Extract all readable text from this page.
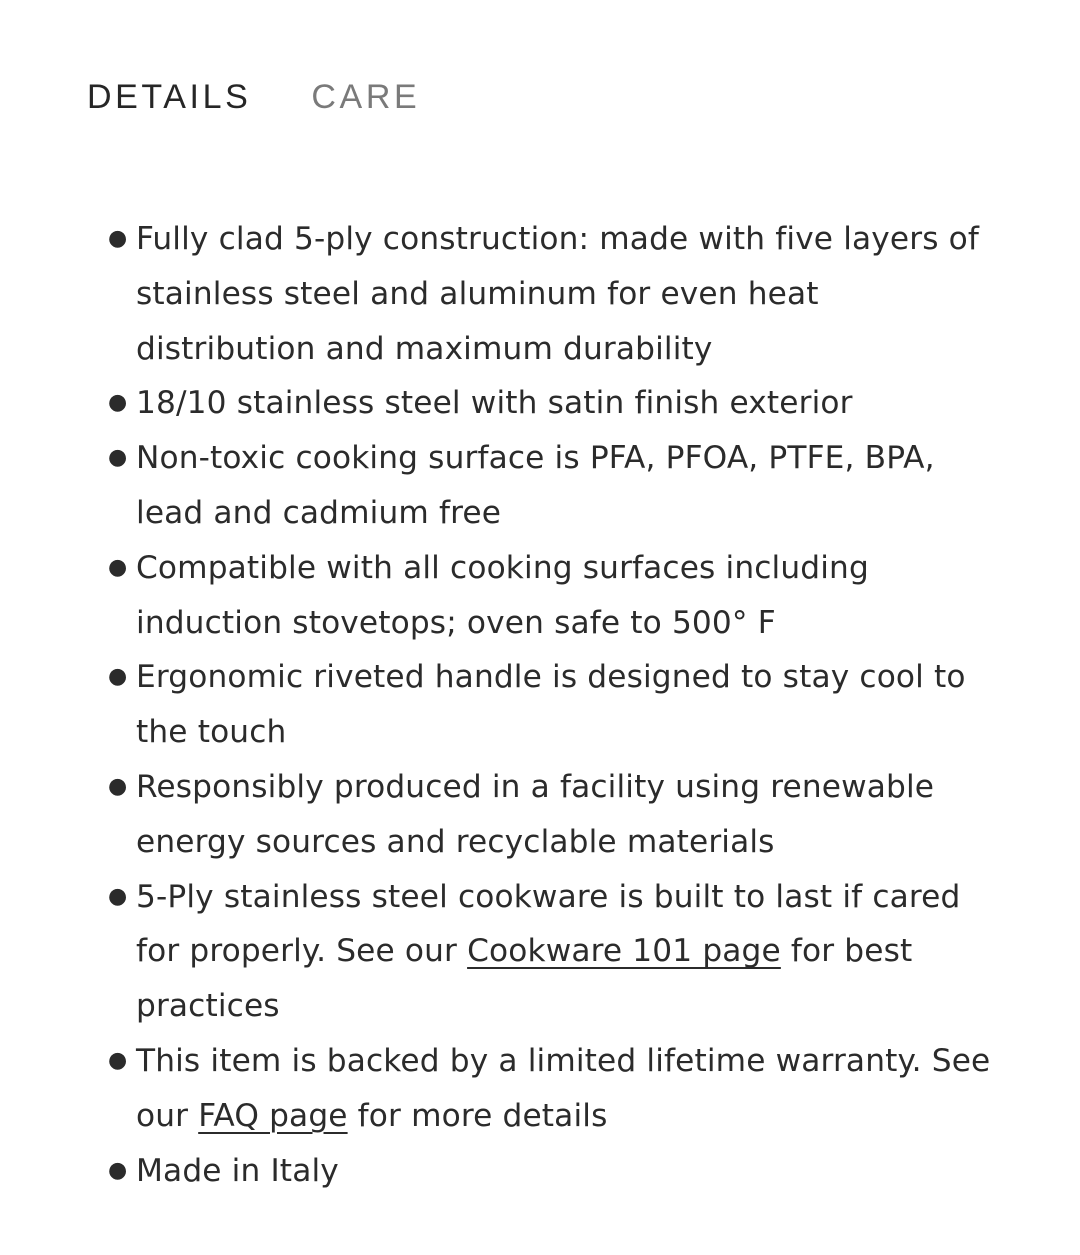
DETAILS CARE
● Fully clad 5-ply construction: made with five layers of stainless steel and aluminum for even heat distribution and maximum durability
● 18/10 stainless steel with satin finish exterior
● Non-toxic cooking surface is PFA, PFOA, PTFE, BPA, lead and cadmium free
● Compatible with all cooking surfaces including induction stovetops; oven safe to 500° F
● Ergonomic riveted handle is designed to stay cool to the touch
● Responsibly produced in a facility using renewable energy sources and recyclable materials
● 5-Ply stainless steel cookware is built to last if cared for properly. See our Cookware 101 page for best practices
● This item is backed by a limited lifetime warranty. See our FAQ page for more details
● Made in Italy
